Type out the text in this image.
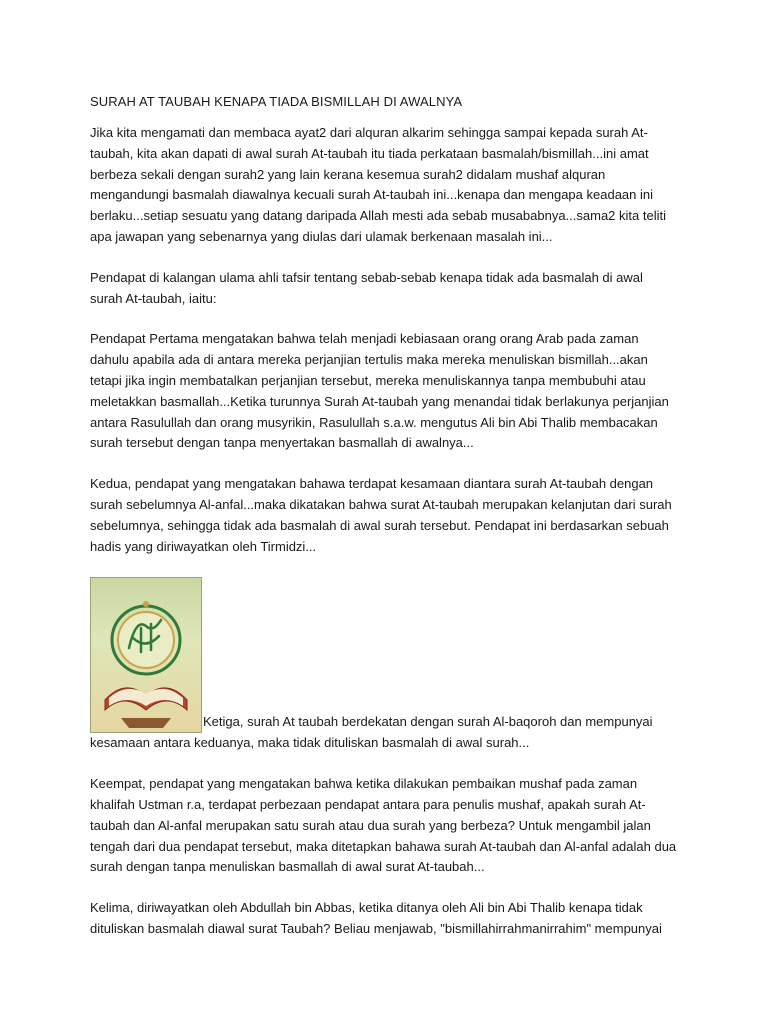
SURAH AT TAUBAH KENAPA TIADA BISMILLAH DI AWALNYA

Jika kita mengamati dan membaca ayat2 dari alquran alkarim sehingga sampai kepada surah At-taubah, kita akan dapati di awal surah At-taubah itu tiada perkataan basmalah/bismillah...ini amat berbeza sekali dengan surah2 yang lain kerana kesemua surah2 didalam mushaf alquran mengandungi basmalah diawalnya kecuali surah At-taubah ini...kenapa dan mengapa keadaan ini berlaku...setiap sesuatu yang datang daripada Allah mesti ada sebab musababnya...sama2 kita teliti apa jawapan yang sebenarnya yang diulas dari ulamak berkenaan masalah ini...

Pendapat di kalangan ulama ahli tafsir tentang sebab-sebab kenapa tidak ada basmalah di awal surah At-taubah, iaitu:

Pendapat Pertama mengatakan bahwa telah menjadi kebiasaan orang orang Arab pada zaman dahulu apabila ada di antara mereka perjanjian tertulis maka mereka menuliskan bismillah...akan tetapi jika ingin membatalkan perjanjian tersebut, mereka menuliskannya tanpa membubuhi atau meletakkan basmallah...Ketika turunnya Surah At-taubah yang menandai tidak berlakunya perjanjian antara Rasulullah dan orang musyrikin, Rasulullah s.a.w. mengutus Ali bin Abi Thalib membacakan surah tersebut dengan tanpa menyertakan basmallah di awalnya...

Kedua, pendapat yang mengatakan bahawa terdapat kesamaan diantara surah At-taubah dengan surah sebelumnya Al-anfal...maka dikatakan bahwa surat At-taubah merupakan kelanjutan dari surah sebelumnya, sehingga tidak ada basmalah di awal surah tersebut. Pendapat ini berdasarkan sebuah hadis yang diriwayatkan oleh Tirmidzi...

Ketiga, surah At taubah berdekatan dengan surah Al-baqoroh dan mempunyai kesamaan antara keduanya, maka tidak dituliskan basmalah di awal surah...

Keempat, pendapat yang mengatakan bahwa ketika dilakukan pembaikan mushaf pada zaman khalifah Ustman r.a, terdapat perbezaan pendapat antara para penulis mushaf, apakah surah At-taubah dan Al-anfal merupakan satu surah atau dua surah yang berbeza? Untuk mengambil jalan tengah dari dua pendapat tersebut, maka ditetapkan bahawa surah At-taubah dan Al-anfal adalah dua surah dengan tanpa menuliskan basmallah di awal surat At-taubah...

Kelima, diriwayatkan oleh Abdullah bin Abbas, ketika ditanya oleh Ali bin Abi Thalib kenapa tidak dituliskan basmalah diawal surat Taubah? Beliau menjawab, "bismillahirrahmanirrahim" mempunyai
